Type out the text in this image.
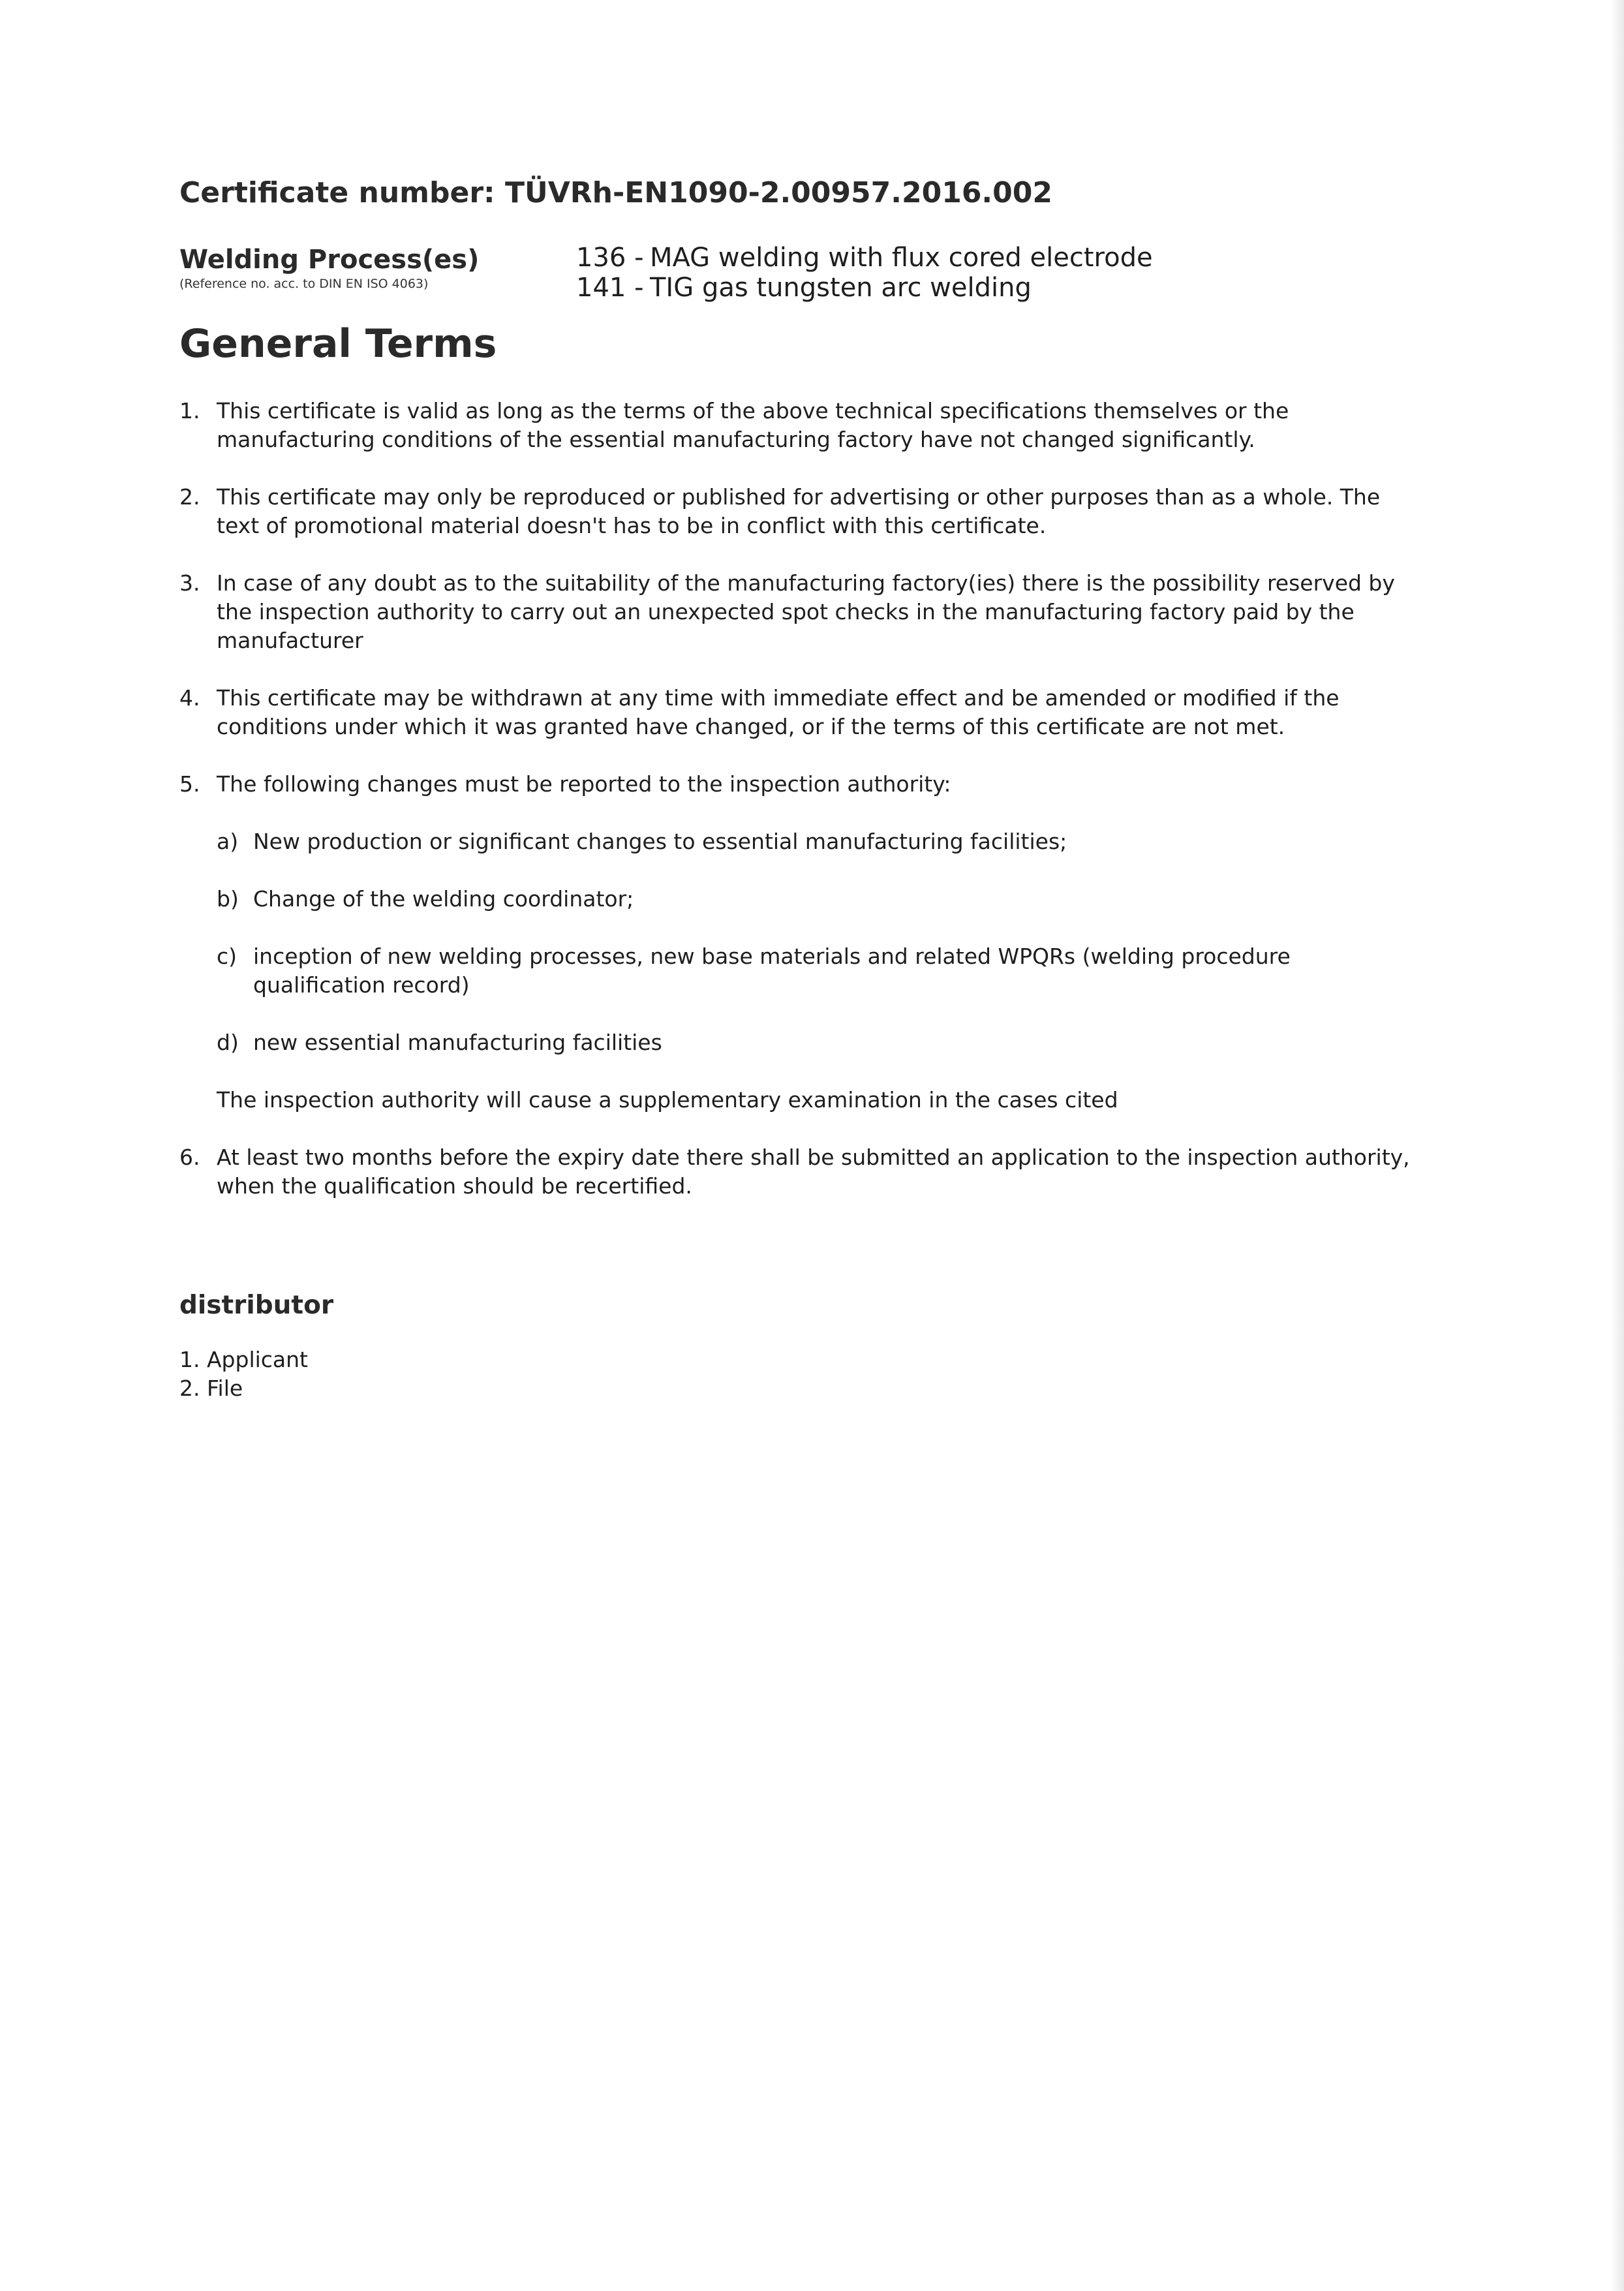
Certificate number: TÜVRh-EN1090-2.00957.2016.002
Welding Process(es)
(Reference no. acc. to DIN EN ISO 4063)
136 - MAG welding with flux cored electrode
141 - TIG gas tungsten arc welding
General Terms
1. This certificate is valid as long as the terms of the above technical specifications themselves or the manufacturing conditions of the essential manufacturing factory have not changed significantly.
2. This certificate may only be reproduced or published for advertising or other purposes than as a whole. The text of promotional material doesn't has to be in conflict with this certificate.
3. In case of any doubt as to the suitability of the manufacturing factory(ies) there is the possibility reserved by the inspection authority to carry out an unexpected spot checks in the manufacturing factory paid by the manufacturer
4. This certificate may be withdrawn at any time with immediate effect and be amended or modified if the conditions under which it was granted have changed, or if the terms of this certificate are not met.
5. The following changes must be reported to the inspection authority:
a) New production or significant changes to essential manufacturing facilities;
b) Change of the welding coordinator;
c) inception of new welding processes, new base materials and related WPQRs (welding procedure qualification record)
d) new essential manufacturing facilities
The inspection authority will cause a supplementary examination in the cases cited
6. At least two months before the expiry date there shall be submitted an application to the inspection authority, when the qualification should be recertified.
distributor
1. Applicant
2. File
